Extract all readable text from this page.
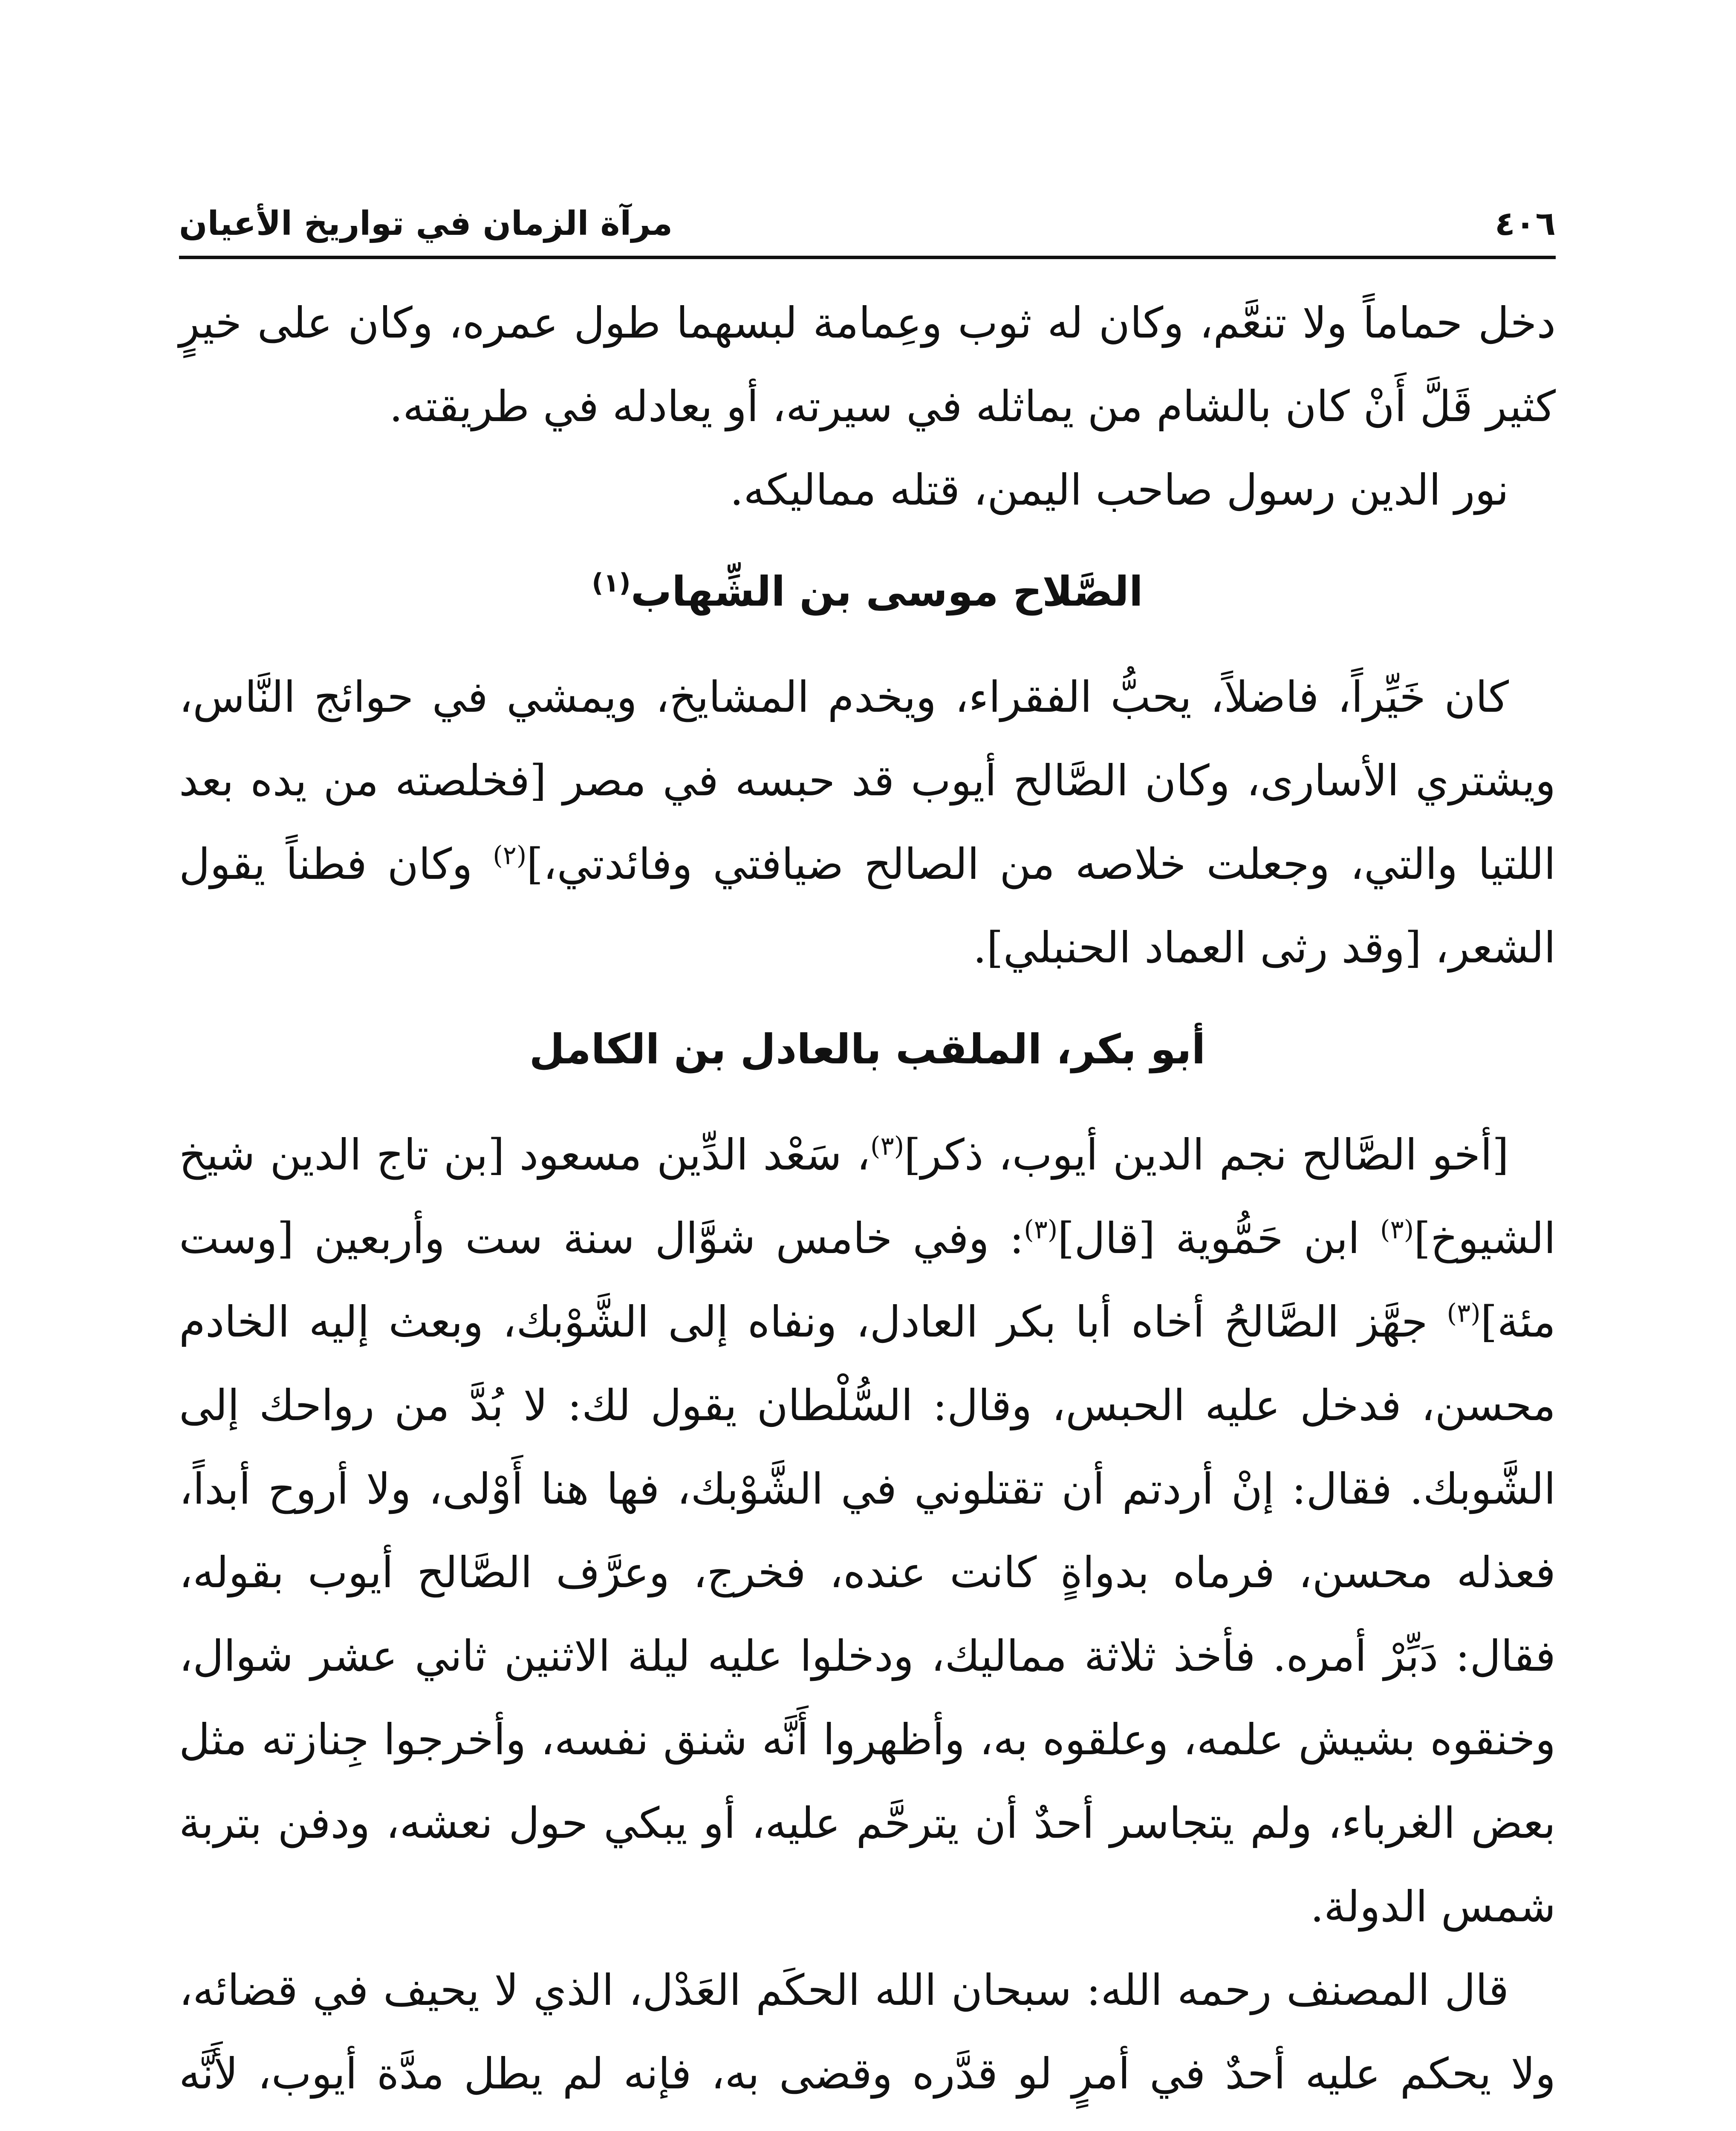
٤٠٦
مرآة الزمان في تواريخ الأعيان

دخل حماماً ولا تنعَّم، وكان له ثوب وعِمامة لبسهما طول عمره، وكان على خيرٍ كثير قَلَّ أَنْ كان بالشام من يماثله في سيرته، أو يعادله في طريقته.

نور الدين رسول صاحب اليمن، قتله مماليكه.

الصَّلاح موسى بن الشِّهاب$^{(١)}$

كان خَيِّراً، فاضلاً، يحبُّ الفقراء، ويخدم المشايخ، ويمشي في حوائج النَّاس، ويشتري الأسارى، وكان الصَّالح أيوب قد حبسه في مصر [فخلصته من يده بعد اللتيا والتي، وجعلت خلاصه من الصالح ضيافتي وفائدتي،]$^{(٢)}$ وكان فطناً يقول الشعر، [وقد رثى العماد الحنبلي].

أبو بكر، الملقب بالعادل بن الكامل

[أخو الصَّالح نجم الدين أيوب، ذكر]$^{(٣)}$، سَعْد الدِّين مسعود [بن تاج الدين شيخ الشيوخ]$^{(٣)}$ ابن حَمُّوية [قال]$^{(٣)}$: وفي خامس شوَّال سنة ست وأربعين [وست مئة]$^{(٣)}$ جهَّز الصَّالحُ أخاه أبا بكر العادل، ونفاه إلى الشَّوْبك، وبعث إليه الخادم محسن، فدخل عليه الحبس، وقال: السُّلْطان يقول لك: لا بُدَّ من رواحك إلى الشَّوبك. فقال: إنْ أردتم أن تقتلوني في الشَّوْبك، فها هنا أَوْلى، ولا أروح أبداً، فعذله محسن، فرماه بدواةٍ كانت عنده، فخرج، وعرَّف الصَّالح أيوب بقوله، فقال: دَبِّرْ أمره. فأخذ ثلاثة مماليك، ودخلوا عليه ليلة الاثنين ثاني عشر شوال، وخنقوه بشيش علمه، وعلقوه به، وأظهروا أَنَّه شنق نفسه، وأخرجوا جِنازته مثل بعض الغرباء، ولم يتجاسر أحدٌ أن يترحَّم عليه، أو يبكي حول نعشه، ودفن بتربة شمس الدولة.

قال المصنف رحمه الله: سبحان الله الحكَم العَدْل، الذي لا يحيف في قضائه، ولا يحكم عليه أحدٌ في أمرٍ لو قدَّره وقضى به، فإنه لم يطل مدَّة أيوب، لأَنَّه
